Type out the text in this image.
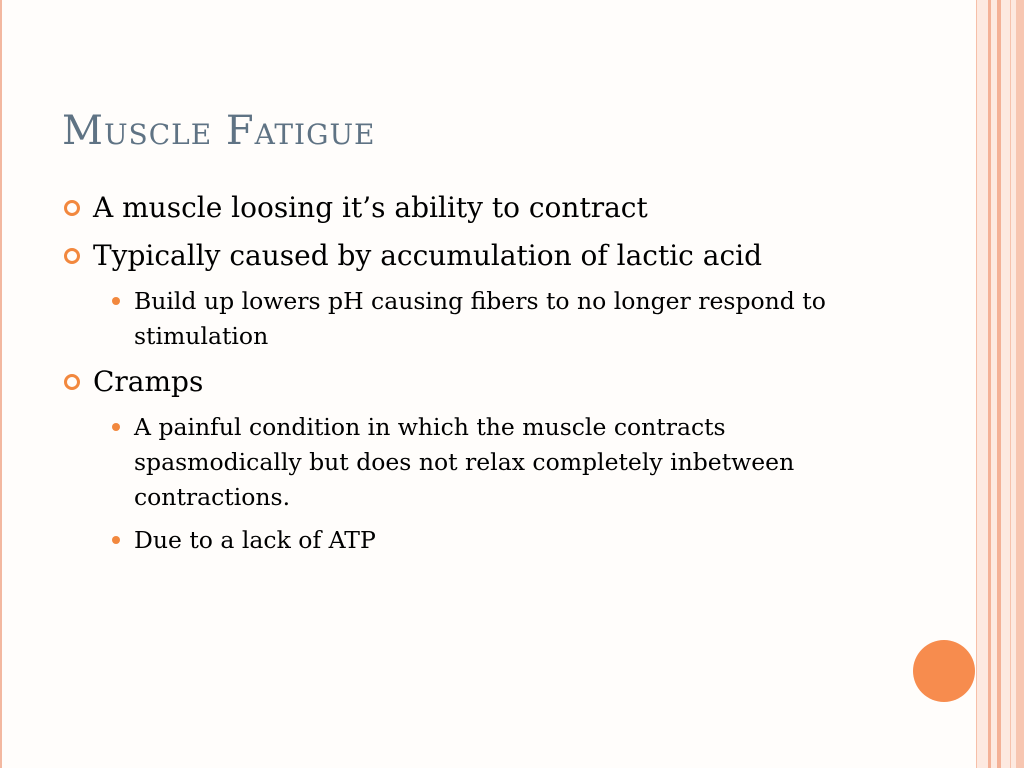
Muscle Fatigue
A muscle loosing it’s ability to contract
Typically caused by accumulation of lactic acid
Build up lowers pH causing fibers to no longer respond to stimulation
Cramps
A painful condition in which the muscle contracts spasmodically but does not relax completely inbetween contractions.
Due to a lack of ATP
